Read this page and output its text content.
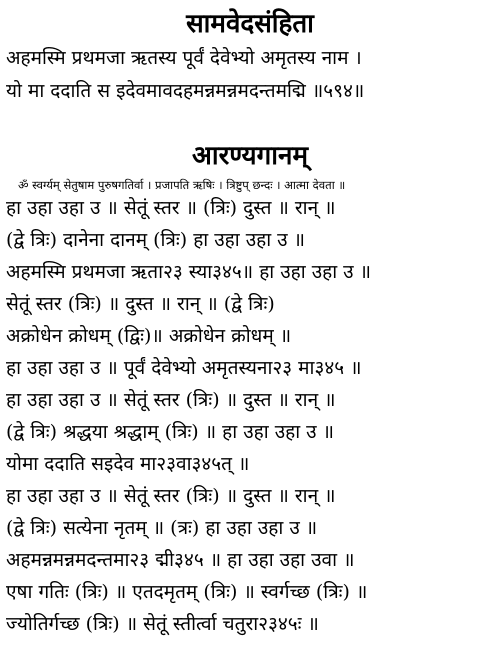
सामवेदसंहिता
अहमस्मि प्रथमजा ऋतस्य पूर्वं देवेभ्यो अमृतस्य नाम ।
यो मा ददाति स इदेवमावदहमन्नमन्नमदन्तमद्मि ॥५९४॥
आरण्यगानम्
ॐ स्वर्ग्यम् सेतुषाम पुरुषगतिर्वा । प्रजापति ऋषिः । त्रिष्टुप् छन्दः । आत्मा देवता ॥
हा उहा उहा उ ॥ सेतूं स्तर ॥ (त्रिः) दुस्त ॥ रान् ॥
(द्वे त्रिः) दानेना दानम् (त्रिः) हा उहा उहा उ ॥
अहमस्मि प्रथमजा ऋता२३ स्या३४५॥ हा उहा उहा उ ॥
सेतूं स्तर (त्रिः) ॥ दुस्त ॥ रान् ॥ (द्वे त्रिः)
अक्रोधेन क्रोधम् (द्विः)॥ अक्रोधेन क्रोधम् ॥
हा उहा उहा उ ॥ पूर्वं देवेभ्यो अमृतस्यना२३ मा३४५ ॥
हा उहा उहा उ ॥ सेतूं स्तर (त्रिः) ॥ दुस्त ॥ रान् ॥
(द्वे त्रिः) श्रद्धया श्रद्धाम् (त्रिः) ॥ हा उहा उहा उ ॥
योमा ददाति सइदेव मा२३वा३४५त् ॥
हा उहा उहा उ ॥ सेतूं स्तर (त्रिः) ॥ दुस्त ॥ रान् ॥
(द्वे त्रिः) सत्येना नृतम् ॥ (त्रः) हा उहा उहा उ ॥
अहमन्नमन्नमदन्तमा२३ द्मी३४५ ॥ हा उहा उहा उवा ॥
एषा गतिः (त्रिः) ॥ एतदमृतम् (त्रिः) ॥ स्वर्गच्छ (त्रिः) ॥
ज्योतिर्गच्छ (त्रिः) ॥ सेतूं स्तीर्त्वा चतुरा२३४५ः ॥
